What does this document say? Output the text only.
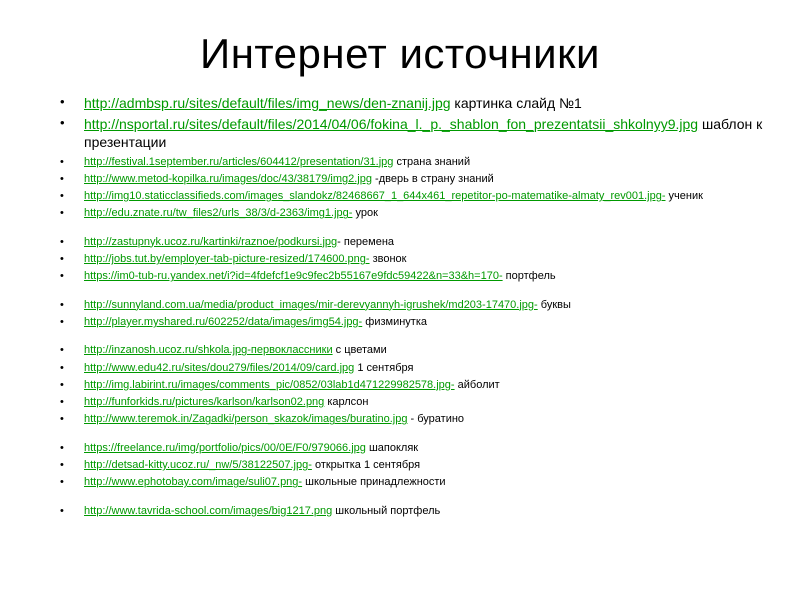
Интернет источники
• http://admbsp.ru/sites/default/files/img_news/den-znanij.jpg картинка слайд №1
• http://nsportal.ru/sites/default/files/2014/04/06/fokina_l._p._shablon_fon_prezentatsii_shkolnyy9.jpg шаблон к презентации
• http://festival.1september.ru/articles/604412/presentation/31.jpg страна знаний
• http://www.metod-kopilka.ru/images/doc/43/38179/img2.jpg -дверь в страну знаний
• http://img10.staticclassifieds.com/images_slandokz/82468667_1_644x461_repetitor-po-matematike-almaty_rev001.jpg- ученик
• http://edu.znate.ru/tw_files2/urls_38/3/d-2363/img1.jpg- урок
• http://zastupnyk.ucoz.ru/kartinki/raznoe/podkursi.jpg- перемена
• http://jobs.tut.by/employer-tab-picture-resized/174600.png- звонок
• https://im0-tub-ru.yandex.net/i?id=4fdefcf1e9c9fec2b55167e9fdc59422&n=33&h=170- портфель
• http://sunnyland.com.ua/media/product_images/mir-derevyannyh-igrushek/md203-17470.jpg- буквы
• http://player.myshared.ru/602252/data/images/img54.jpg- физминутка
• http://inzanosh.ucoz.ru/shkola.jpg-первоклассники с цветами
• http://www.edu42.ru/sites/dou279/files/2014/09/card.jpg 1 сентября
• http://img.labirint.ru/images/comments_pic/0852/03lab1d471229982578.jpg- айболит
• http://funforkids.ru/pictures/karlson/karlson02.png карлсон
• http://www.teremok.in/Zagadki/person_skazok/images/buratino.jpg - буратино
• https://freelance.ru/img/portfolio/pics/00/0E/F0/979066.jpg шапокляк
• http://detsad-kitty.ucoz.ru/_nw/5/38122507.jpg- открытка 1 сентября
• http://www.ephotobay.com/image/suli07.png- школьные принадлежности
• http://www.tavrida-school.com/images/big1217.png школьный портфель
